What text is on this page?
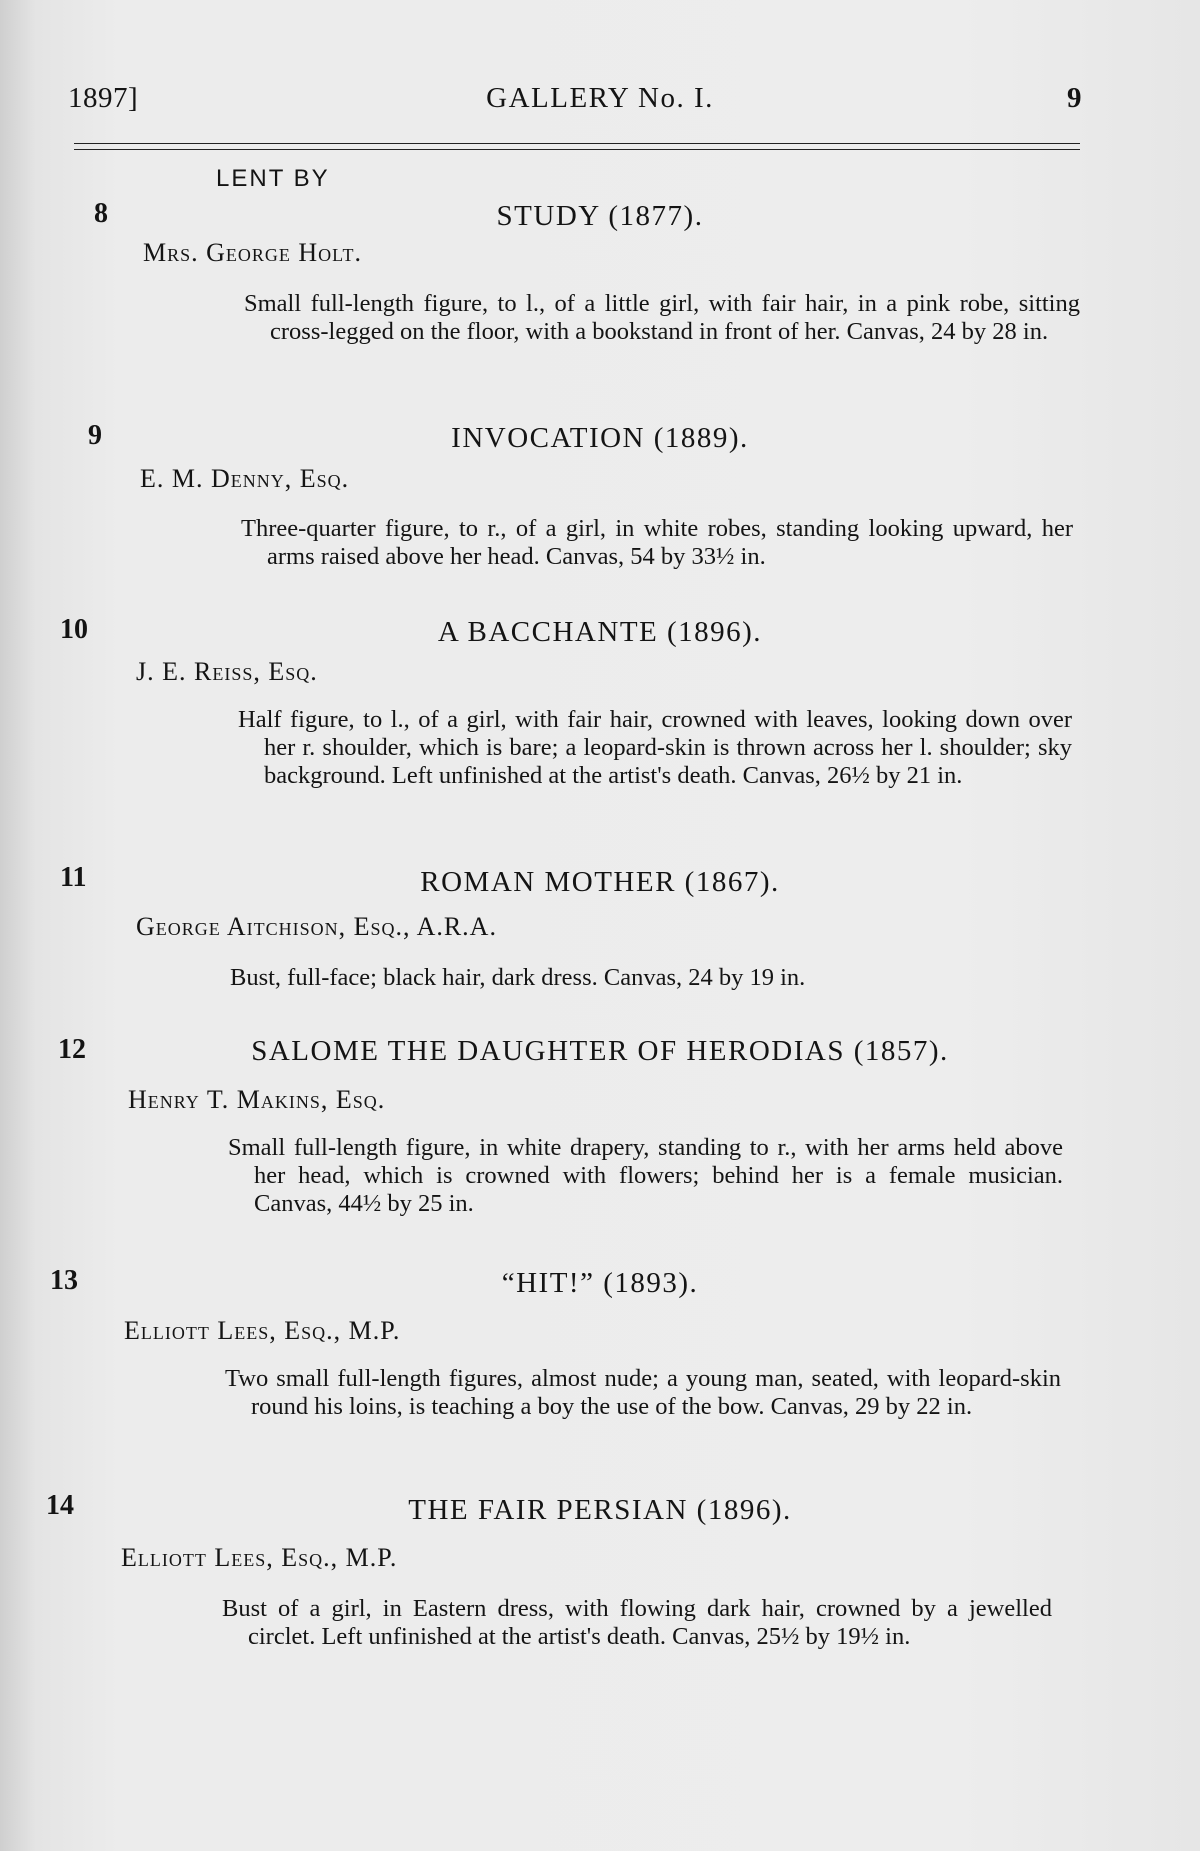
1897]	GALLERY No. I.	9
LENT BY
8	STUDY (1877).
Mrs. George Holt.
Small full-length figure, to l., of a little girl, with fair hair, in a pink robe, sitting cross-legged on the floor, with a bookstand in front of her. Canvas, 24 by 28 in.
9	INVOCATION (1889).
E. M. Denny, Esq.
Three-quarter figure, to r., of a girl, in white robes, standing looking upward, her arms raised above her head. Canvas, 54 by 33½ in.
10	A BACCHANTE (1896).
J. E. Reiss, Esq.
Half figure, to l., of a girl, with fair hair, crowned with leaves, looking down over her r. shoulder, which is bare; a leopard-skin is thrown across her l. shoulder; sky background. Left unfinished at the artist's death. Canvas, 26½ by 21 in.
11	ROMAN MOTHER (1867).
George Aitchison, Esq., A.R.A.
Bust, full-face; black hair, dark dress. Canvas, 24 by 19 in.
12	SALOME THE DAUGHTER OF HERODIAS (1857).
Henry T. Makins, Esq.
Small full-length figure, in white drapery, standing to r., with her arms held above her head, which is crowned with flowers; behind her is a female musician. Canvas, 44½ by 25 in.
13	“HIT!” (1893).
Elliott Lees, Esq., M.P.
Two small full-length figures, almost nude; a young man, seated, with leopard-skin round his loins, is teaching a boy the use of the bow. Canvas, 29 by 22 in.
14	THE FAIR PERSIAN (1896).
Elliott Lees, Esq., M.P.
Bust of a girl, in Eastern dress, with flowing dark hair, crowned by a jewelled circlet. Left unfinished at the artist's death. Canvas, 25½ by 19½ in.
